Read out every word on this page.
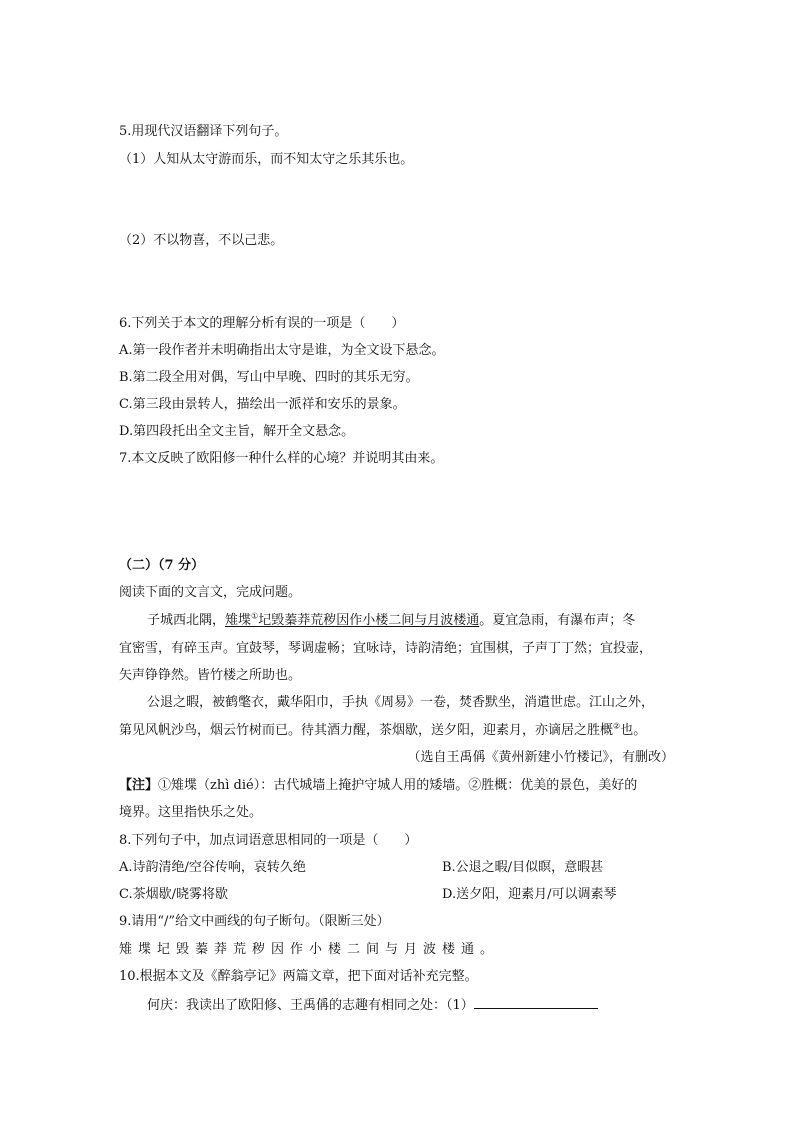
5.用现代汉语翻译下列句子。
（1）人知从太守游而乐，而不知太守之乐其乐也。
（2）不以物喜，不以己悲。
6.下列关于本文的理解分析有误的一项是（　　）
A.第一段作者并未明确指出太守是谁，为全文设下悬念。
B.第二段全用对偶，写山中早晚、四时的其乐无穷。
C.第三段由景转人，描绘出一派祥和安乐的景象。
D.第四段托出全文主旨，解开全文悬念。
7.本文反映了欧阳修一种什么样的心境？并说明其由来。
（二）（7 分）
阅读下面的文言文，完成问题。
子城西北隅，雉堞①圮毁蓁莽荒秽因作小楼二间与月波楼通。夏宜急雨，有瀑布声；冬
宜密雪，有碎玉声。宜鼓琴，琴调虚畅；宜咏诗，诗韵清绝；宜围棋，子声丁丁然；宜投壶，
矢声铮铮然。皆竹楼之所助也。
公退之暇，被鹤氅衣，戴华阳巾，手执《周易》一卷，焚香默坐，消遣世虑。江山之外，
第见风帆沙鸟，烟云竹树而已。待其酒力醒，茶烟歇，送夕阳，迎素月，亦谪居之胜概②也。
（选自王禹偁《黄州新建小竹楼记》，有删改）
【注】①雉堞（zhì dié）：古代城墙上掩护守城人用的矮墙。②胜概：优美的景色，美好的
境界。这里指快乐之处。
8.下列句子中，加点词语意思相同的一项是（　　）
A.诗韵清绝/空谷传响，哀转久绝	B.公退之暇/目似瞑，意暇甚
C.茶烟歇/晓雾将歇	D.送夕阳，迎素月/可以调素琴
9.请用“/”给文中画线的句子断句。（限断三处）
雉堞圮毁蓁莽荒秽因作小楼二间与月波楼通。
10.根据本文及《醉翁亭记》两篇文章，把下面对话补充完整。
何庆：我读出了欧阳修、王禹偁的志趣有相同之处：（1）
